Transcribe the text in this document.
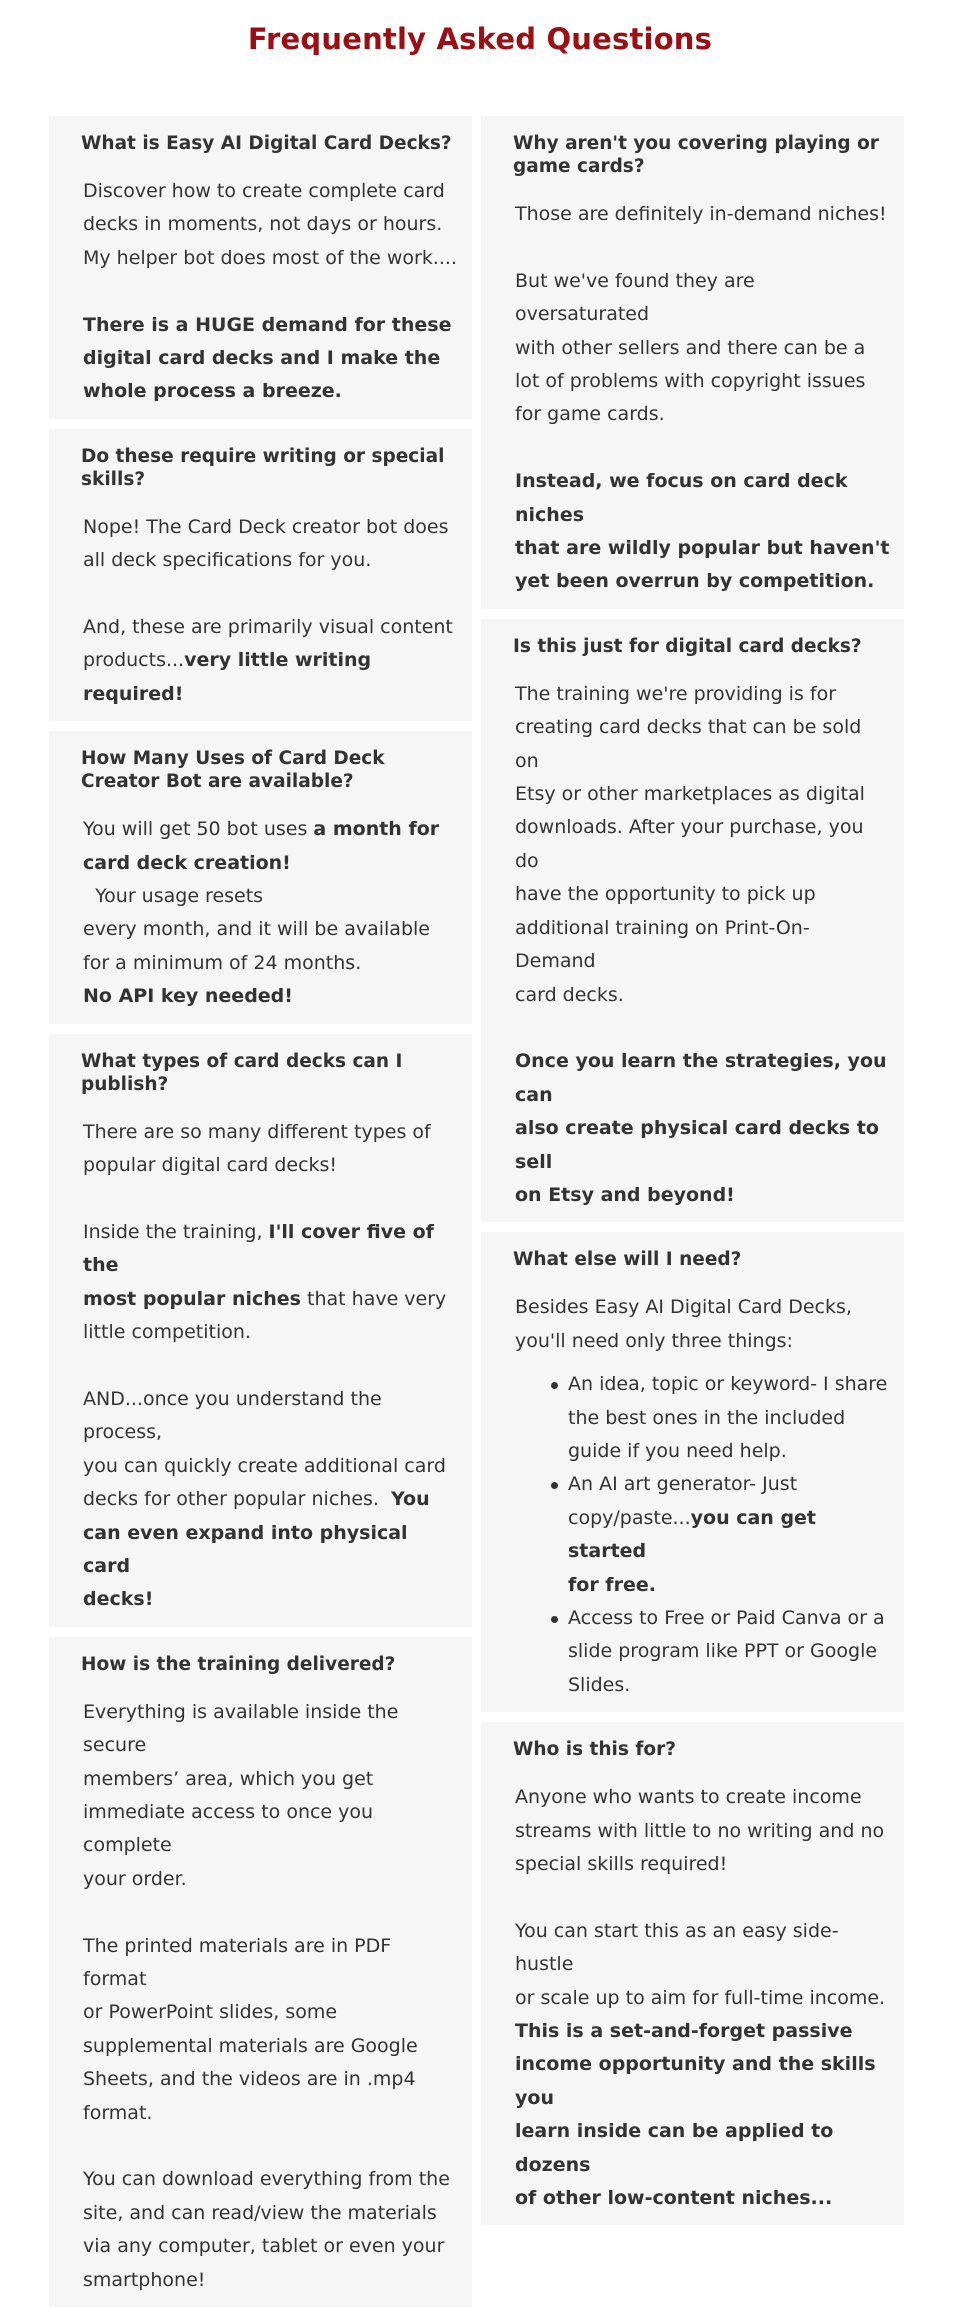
Frequently Asked Questions
What is Easy AI Digital Card Decks?

Discover how to create complete card
decks in moments, not days or hours.
My helper bot does most of the work....

There is a HUGE demand for these
digital card decks and I make the
whole process a breeze.

Do these require writing or special skills?

Nope! The Card Deck creator bot does
all deck specifications for you.

And, these are primarily visual content
products...very little writing required!

How Many Uses of Card Deck Creator Bot are available?

You will get 50 bot uses a month for
card deck creation!  Your usage resets
every month, and it will be available
for a minimum of 24 months.
No API key needed!

What types of card decks can I publish?

There are so many different types of
popular digital card decks!

Inside the training, I'll cover five of the
most popular niches that have very
little competition.

AND...once you understand the process,
you can quickly create additional card
decks for other popular niches.  You
can even expand into physical card
decks!

How is the training delivered?

Everything is available inside the secure
members’ area, which you get
immediate access to once you complete
your order.

The printed materials are in PDF format
or PowerPoint slides, some
supplemental materials are Google
Sheets, and the videos are in .mp4
format.

You can download everything from the
site, and can read/view the materials
via any computer, tablet or even your
smartphone!

Why aren't you covering playing or game cards?

Those are definitely in-demand niches!

But we've found they are oversaturated
with other sellers and there can be a
lot of problems with copyright issues
for game cards.

Instead, we focus on card deck niches
that are wildly popular but haven't
yet been overrun by competition.

Is this just for digital card decks?

The training we're providing is for
creating card decks that can be sold on
Etsy or other marketplaces as digital
downloads. After your purchase, you do
have the opportunity to pick up
additional training on Print-On-Demand
card decks.

Once you learn the strategies, you can
also create physical card decks to sell
on Etsy and beyond!

What else will I need?

Besides Easy AI Digital Card Decks,
you'll need only three things:

An idea, topic or keyword- I share
the best ones in the included
guide if you need help.
An AI art generator- Just
copy/paste...you can get started
for free.
Access to Free or Paid Canva or a
slide program like PPT or Google
Slides.
Who is this for?

Anyone who wants to create income
streams with little to no writing and no
special skills required!

You can start this as an easy side-hustle
or scale up to aim for full-time income.
This is a set-and-forget passive
income opportunity and the skills you
learn inside can be applied to dozens
of other low-content niches...
